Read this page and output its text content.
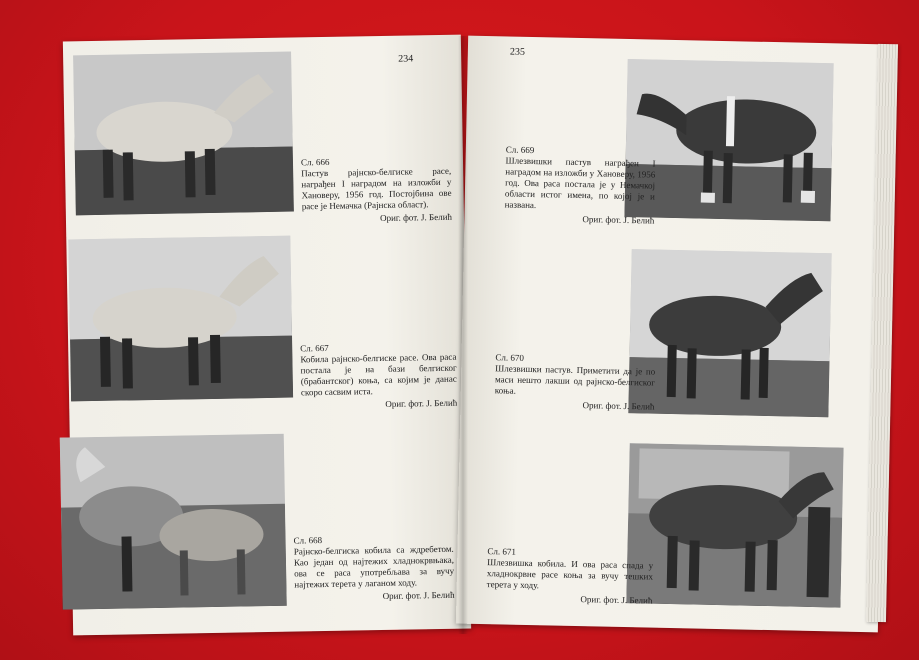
234
Сл. 666
Пастув рајнско-белгиске расе, награђен I наградом на изложби у Хановеру, 1956 год. Постојбина ове расе је Немачка (Рајнска област).
Ориг. фот. J. Белић
Сл. 667
Кобила рајнско-белгиске расе. Ова раса постала је на бази белгиског (брабантског) коња, са којим је данас скоро сасвим иста.
Ориг. фот. J. Белић
Сл. 668
Рајнско-белгиска кобила са ждребетом. Као један од најтежих хладнокрвњака, ова се раса употребљава за вучу најтежих терета у лаганом ходу.
Ориг. фот. J. Белић
235
Сл. 669
Шлезвишки пастув награђен I наградом на изложби у Хановеру, 1956 год. Ова раса постала је у Немачкој области истог имена, по којој је и названа.
Ориг. фот. J. Белић
Сл. 670
Шлезвишки пастув. Приметити да је по маси нешто лакши од рајнско-белгиског коња.
Ориг. фот. J. Белић
Сл. 671
Шлезвишка кобила. И ова раса спада у хладнокрвне расе коња за вучу тешких терета у ходу.
Ориг. фот. J. Белић
